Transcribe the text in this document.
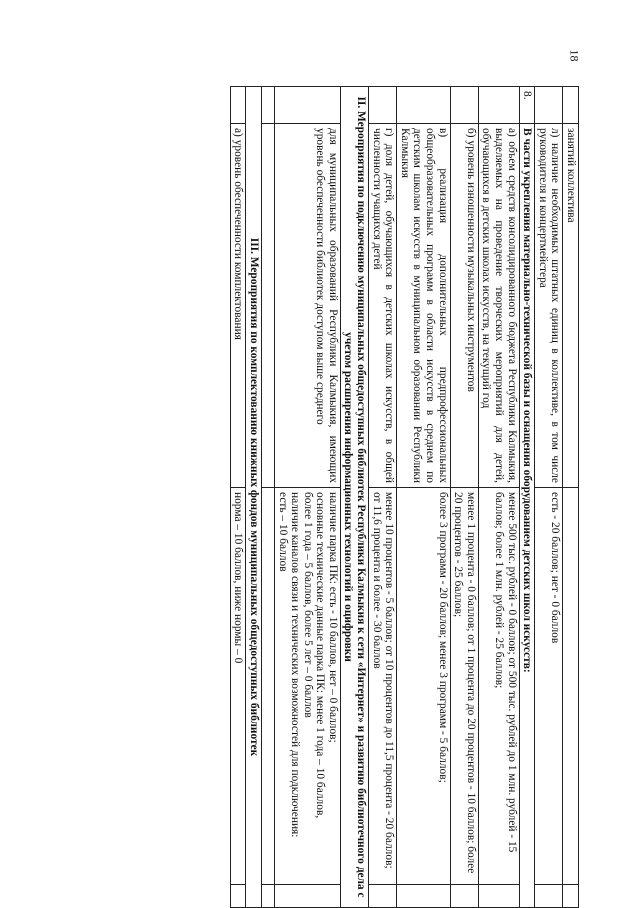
18
	занятий коллектива		
	л) наличие необходимых штатных единиц в коллективе, в том числе руководителя и концертмейстера	есть - 20 баллов; нет - 0 баллов	
8.	В части укрепления материально-технической базы и оснащения оборудованием детских школ искусств:		
	а) объем средств консолидированного бюджета Республики Калмыкия, выделяемых на проведение творческих мероприятий для детей, обучающихся в детских школах искусств, на текущий год	менее 500 тыс. рублей - 0 баллов; от 500 тыс. рублей до 1 млн. рублей - 15 баллов; более 1 млн. рублей - 25 баллов;	
	б) уровень изношенности музыкальных инструментов	менее 1 процента - 0 баллов; от 1 процента до 20 процентов - 10 баллов; более 20 процентов - 25 баллов;	
	в) реализация дополнительных предпрофессиональных общеобразовательных программ в области искусств в среднем по детским школам искусств в муниципальном образовании Республики Калмыкия	более 3 программ - 20 баллов; менее 3 программ - 5 баллов;	
	г) доля детей, обучающихся в детских школах искусств, в общей численности учащихся детей	менее 10 процентов - 5 баллов; от 10 процентов до 11,5 процента - 20 баллов; от 11,6 процента и более - 30 баллов	
II. Мероприятия по подключению муниципальных общедоступных библиотек Республики Калмыкия к сети «Интернет» и развитию библиотечного дела с учетом расширения информационных технологий и оцифровки			
	для муниципальных образований Республики Калмыкия, имеющих уровень обеспеченности библиотек доступом выше среднего	наличие парка ПК: есть - 10 баллов, нет – 0 баллов;
основные технические данные парка ПК: менее 1 года – 10 баллов,
более 1 года – 5 баллов, более 5 лет – 0 баллов
наличие каналов связи и технических возможностей для подключения:
есть – 10 баллов	

III. Мероприятия по комплектованию книжных фондов муниципальных общедоступных библиотек			
	а) уровень обеспеченности комплектования	норма – 10 баллов, ниже нормы – 0	
